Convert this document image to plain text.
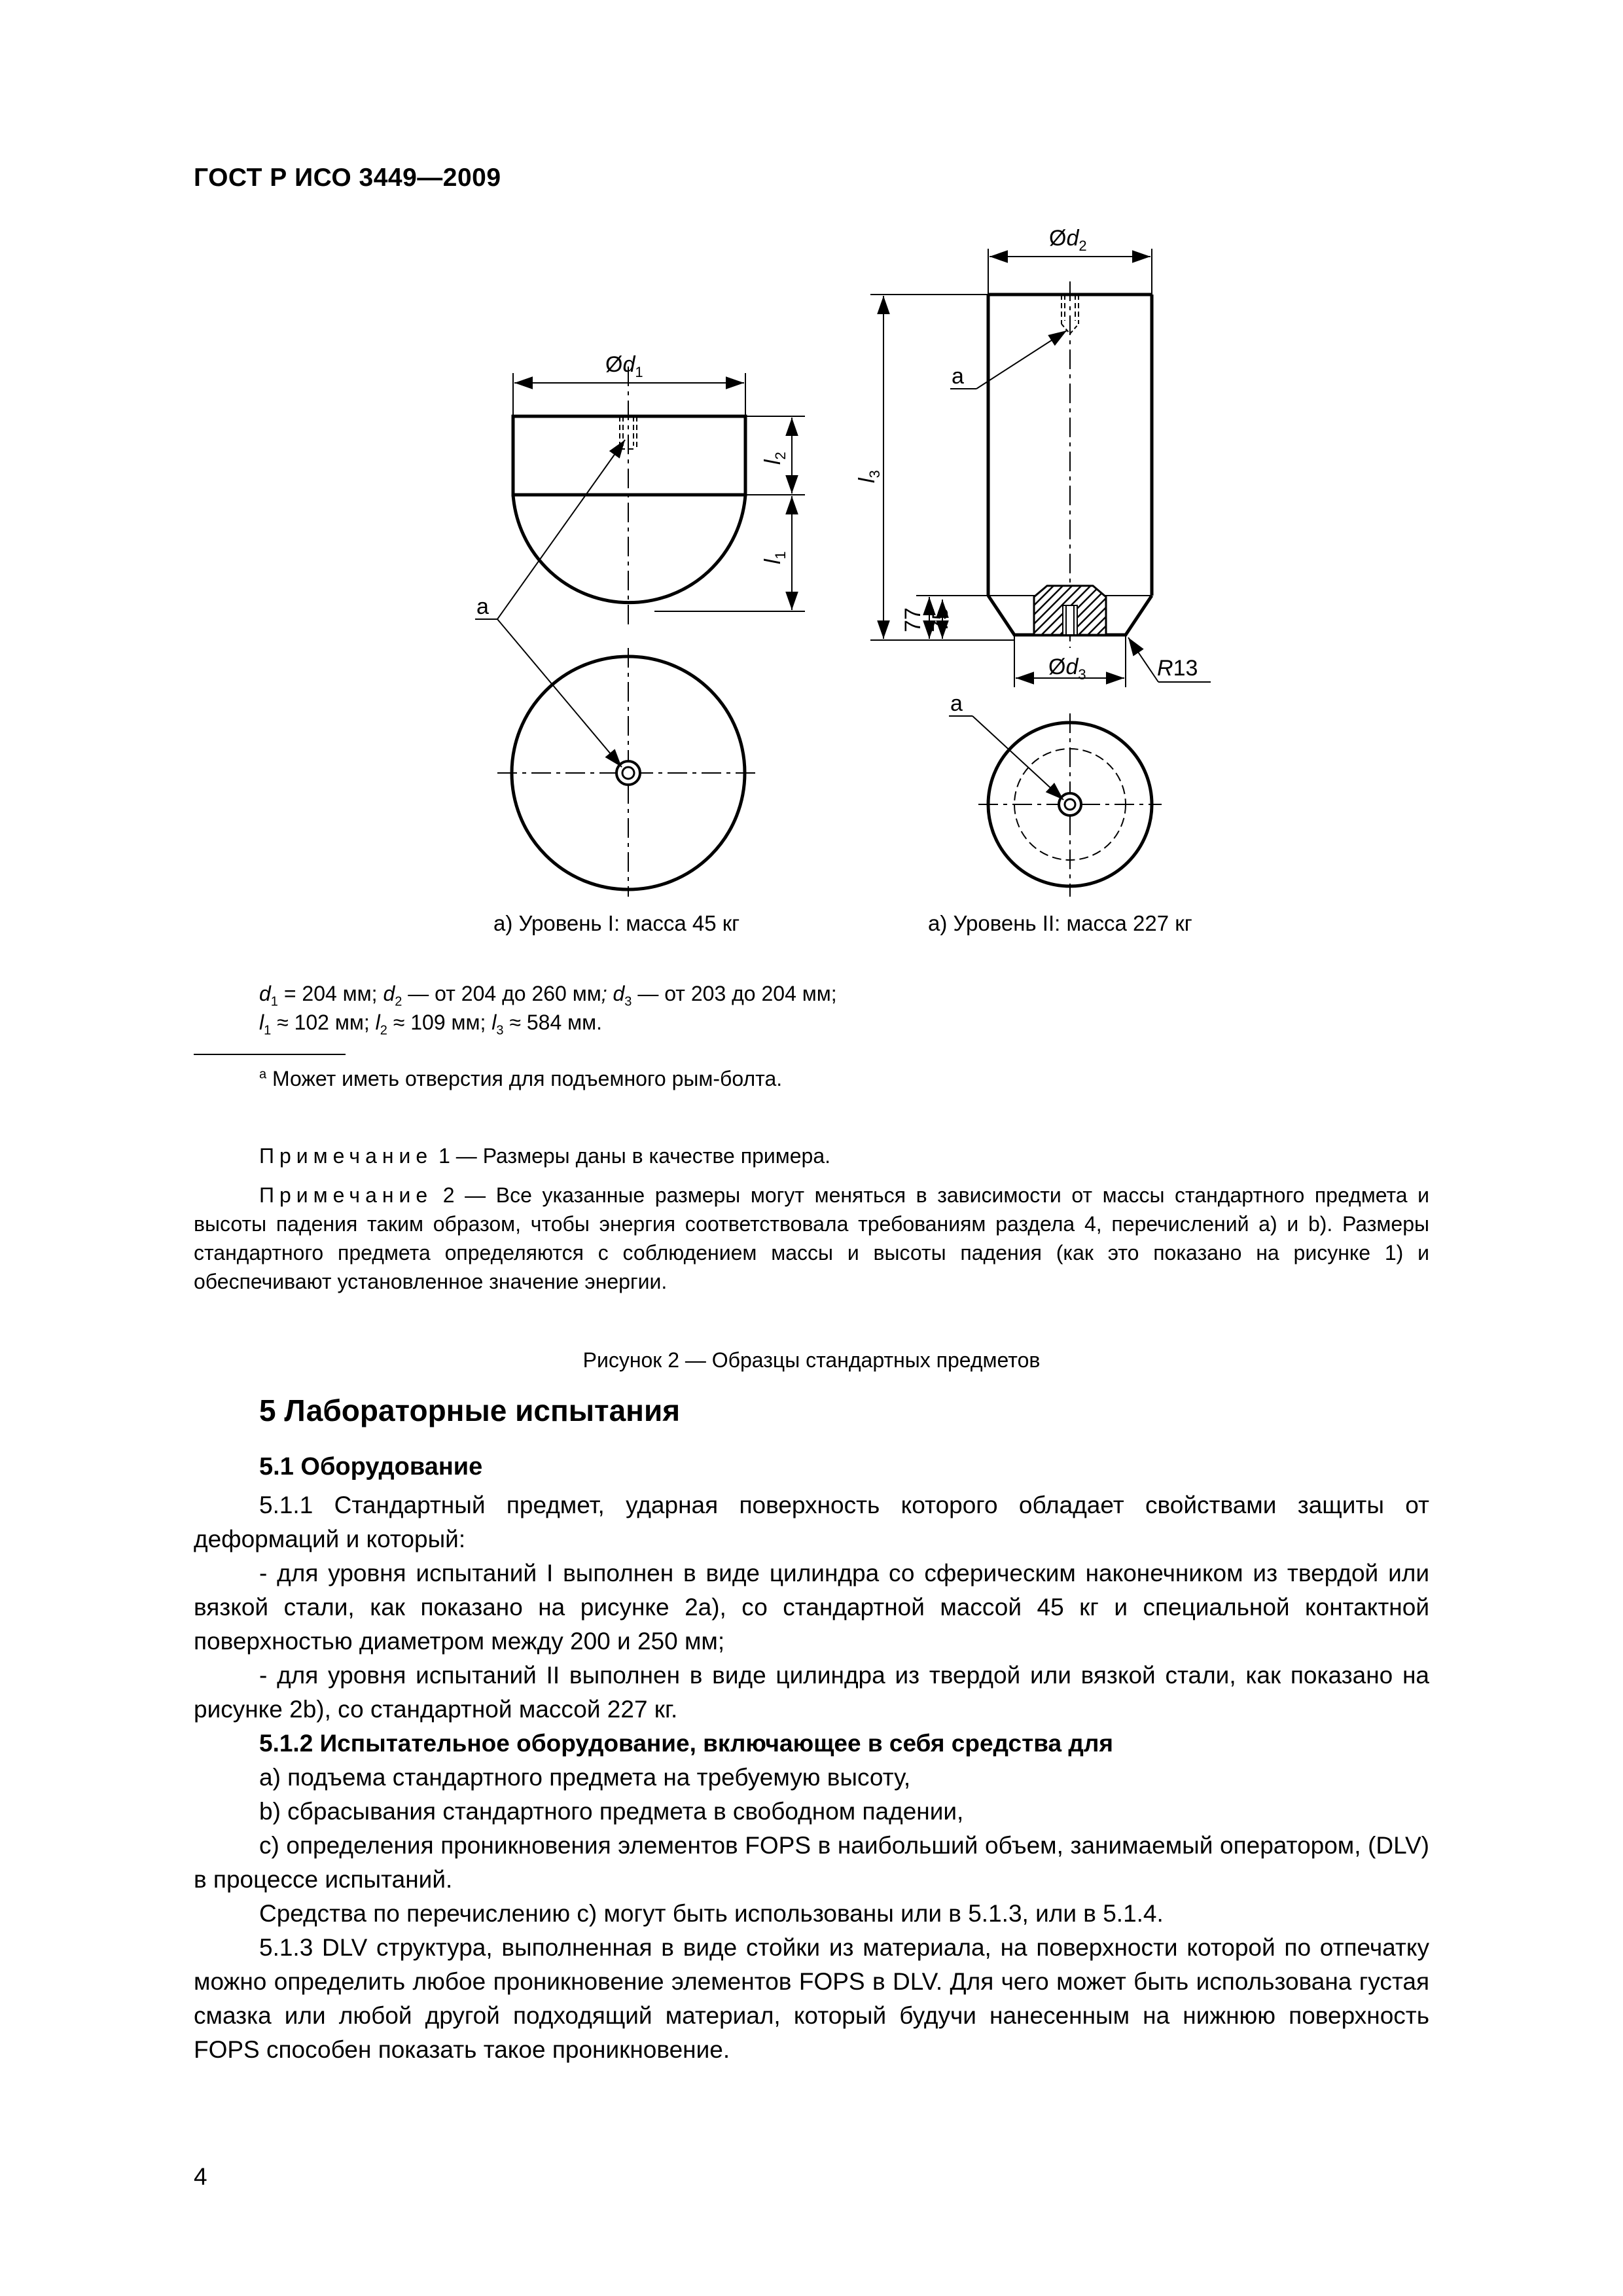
ГОСТ Р ИСО 3449—2009
$Ød_1$
$l_2$
$l_1$
a
а) Уровень I: масса 45 кг
$Ød_2$
$l_3$
77 75
$Ød_3$	R13
a
a
а) Уровень II: масса 227 кг
$d_1 = 204$ мм; $d_2$ — от 204 до 260 мм; $d_3$ — от 203 до 204 мм;
$l_1 \approx 102$ мм; $l_2 \approx 109$ мм; $l_3 \approx 584$ мм.
$^a$ Может иметь отверстия для подъемного рым-болта.
Примечание 1 — Размеры даны в качестве примера.
Примечание 2 — Все указанные размеры могут меняться в зависимости от массы стандартного предмета и высоты падения таким образом, чтобы энергия соответствовала требованиям раздела 4, перечислений а) и b). Размеры стандартного предмета определяются с соблюдением массы и высоты падения (как это показано на рисунке 1) и обеспечивают установленное значение энергии.
Рисунок 2 — Образцы стандартных предметов
5 Лабораторные испытания
5.1 Оборудование

5.1.1 Стандартный предмет, ударная поверхность которого обладает свойствами защиты от деформаций и который:

- для уровня испытаний I выполнен в виде цилиндра со сферическим наконечником из твердой или вязкой стали, как показано на рисунке 2а), со стандартной массой 45 кг и специальной контактной поверхностью диаметром между 200 и 250 мм;

- для уровня испытаний II выполнен в виде цилиндра из твердой или вязкой стали, как показано на рисунке 2b), со стандартной массой 227 кг.

5.1.2 Испытательное оборудование, включающее в себя средства для

а) подъема стандартного предмета на требуемую высоту,

b) сбрасывания стандартного предмета в свободном падении,

с) определения проникновения элементов FOPS в наибольший объем, занимаемый оператором, (DLV) в процессе испытаний.

Средства по перечислению с) могут быть использованы или в 5.1.3, или в 5.1.4.

5.1.3 DLV структура, выполненная в виде стойки из материала, на поверхности которой по отпечатку можно определить любое проникновение элементов FOPS в DLV. Для чего может быть использована густая смазка или любой другой подходящий материал, который будучи нанесенным на нижнюю поверхность FOPS способен показать такое проникновение.

4
